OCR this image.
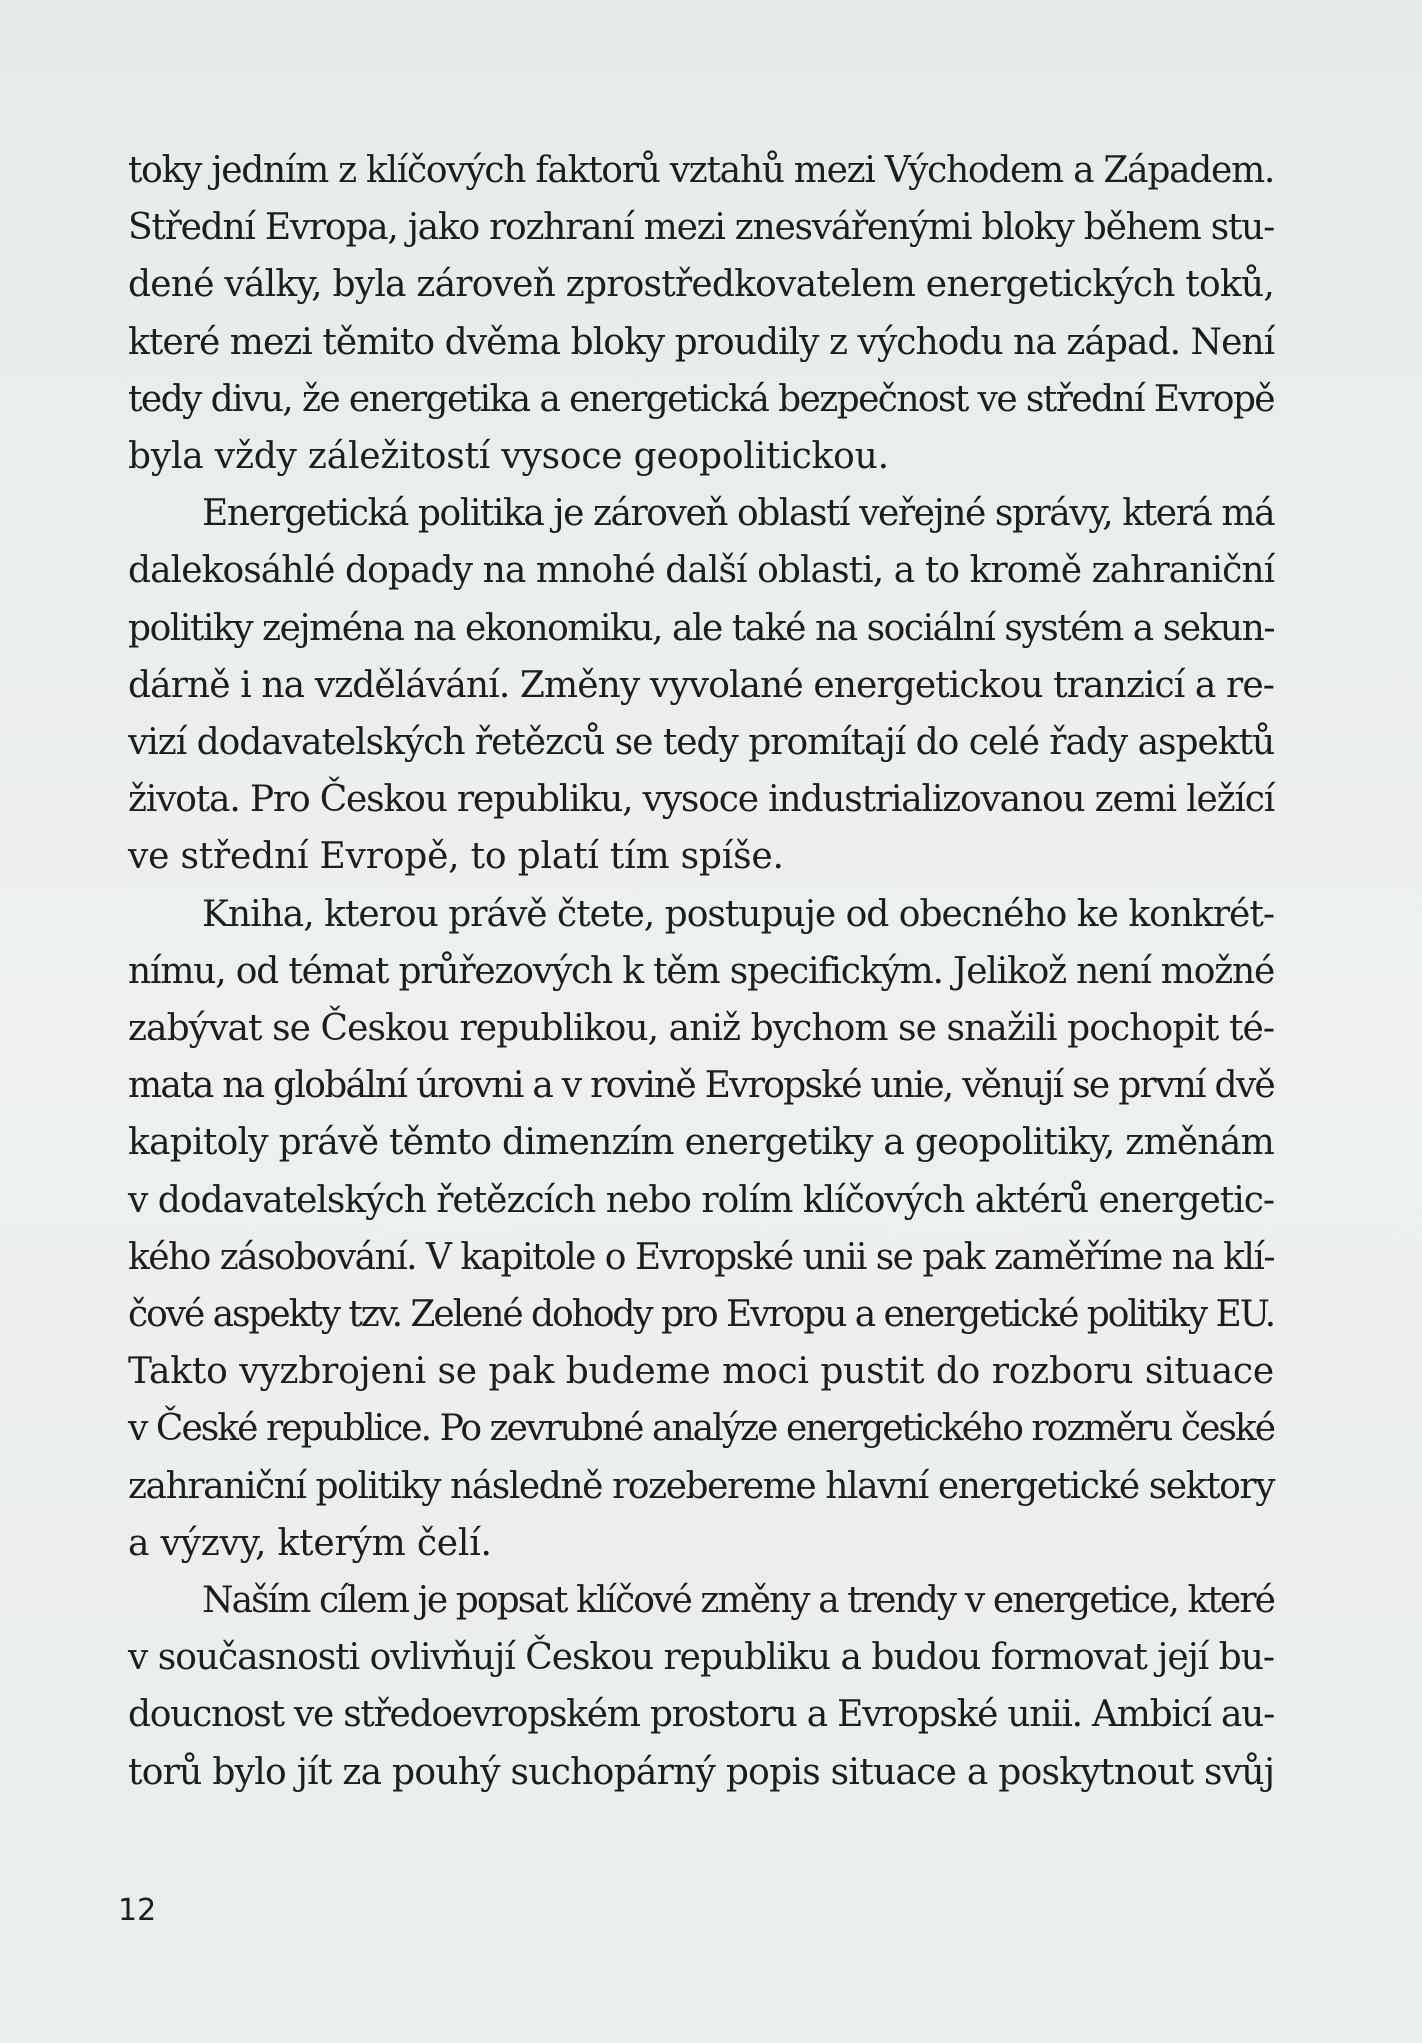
toky jedním z klíčových faktorů vztahů mezi Východem a Západem.
Střední Evropa, jako rozhraní mezi znesvářenými bloky během stu-
dené války, byla zároveň zprostředkovatelem energetických toků,
které mezi těmito dvěma bloky proudily z východu na západ. Není
tedy divu, že energetika a energetická bezpečnost ve střední Evropě
byla vždy záležitostí vysoce geopolitickou.

Energetická politika je zároveň oblastí veřejné správy, která má
dalekosáhlé dopady na mnohé další oblasti, a to kromě zahraniční
politiky zejména na ekonomiku, ale také na sociální systém a sekun-
dárně i na vzdělávání. Změny vyvolané energetickou tranzicí a re-
vizí dodavatelských řetězců se tedy promítají do celé řady aspektů
života. Pro Českou republiku, vysoce industrializovanou zemi ležící
ve střední Evropě, to platí tím spíše.

Kniha, kterou právě čtete, postupuje od obecného ke konkrét-
nímu, od témat průřezových k těm specifickým. Jelikož není možné
zabývat se Českou republikou, aniž bychom se snažili pochopit té-
mata na globální úrovni a v rovině Evropské unie, věnují se první dvě
kapitoly právě těmto dimenzím energetiky a geopolitiky, změnám
v dodavatelských řetězcích nebo rolím klíčových aktérů energetic-
kého zásobování. V kapitole o Evropské unii se pak zaměříme na klí-
čové aspekty tzv. Zelené dohody pro Evropu a energetické politiky EU.
Takto vyzbrojeni se pak budeme moci pustit do rozboru situace
v České republice. Po zevrubné analýze energetického rozměru české
zahraniční politiky následně rozebereme hlavní energetické sektory
a výzvy, kterým čelí.

Naším cílem je popsat klíčové změny a trendy v energetice, které
v současnosti ovlivňují Českou republiku a budou formovat její bu-
doucnost ve středoevropském prostoru a Evropské unii. Ambicí au-
torů bylo jít za pouhý suchopárný popis situace a poskytnout svůj

12
